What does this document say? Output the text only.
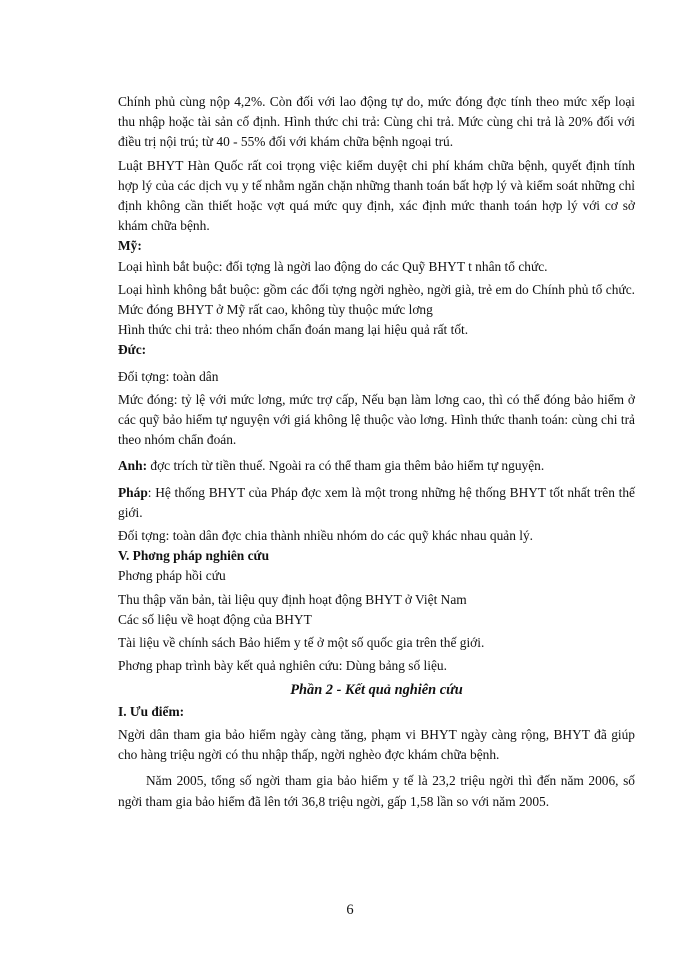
Chính phủ cùng nộp 4,2%. Còn đối với lao động tự do, mức đóng đợc tính theo mức xếp loại thu nhập hoặc tài sản cố định. Hình thức chi trả: Cùng chi trả. Mức cùng chi trả là 20% đối với điều trị nội trú; từ 40 - 55% đối với khám chữa bệnh ngoại trú.

Luật BHYT Hàn Quốc rất coi trọng việc kiểm duyệt chi phí khám chữa bệnh, quyết định tính hợp lý của các dịch vụ y tế nhằm ngăn chặn những thanh toán bất hợp lý và kiểm soát những chỉ định không cần thiết hoặc vợt quá mức quy định, xác định mức thanh toán hợp lý với cơ sở khám chữa bệnh.

Mỹ:

Loại hình bắt buộc: đối tợng là ngời lao động do các Quỹ BHYT t nhân tổ chức.

Loại hình không bắt buộc: gồm các đối tợng ngời nghèo, ngời già, trẻ em do Chính phủ tổ chức. Mức đóng BHYT ở Mỹ rất cao, không tùy thuộc mức lơng

Hình thức chi trả: theo nhóm chẩn đoán mang lại hiệu quả rất tốt.

Đức:

Đối tợng: toàn dân

Mức đóng: tỷ lệ với mức lơng, mức trợ cấp, Nếu bạn làm lơng cao, thì có thể đóng bảo hiểm ở các quỹ bảo hiểm tự nguyện với giá không lệ thuộc vào lơng. Hình thức thanh toán: cùng chi trả theo nhóm chẩn đoán.

Anh: đợc trích từ tiền thuế. Ngoài ra có thể tham gia thêm bảo hiểm tự nguyện.

Pháp: Hệ thống BHYT của Pháp đợc xem là một trong những hệ thống BHYT tốt nhất trên thế giới.

Đối tợng: toàn dân đợc chia thành nhiều nhóm do các quỹ khác nhau quản lý.

V. Phơng pháp nghiên cứu

Phơng pháp hồi cứu

Thu thập văn bản, tài liệu quy định hoạt động BHYT ở Việt Nam

Các số liệu về hoạt động của BHYT

Tài liệu về chính sách Bảo hiểm y tế ở một số quốc gia trên thế giới.

Phơng phap trình bày kết quả nghiên cứu: Dùng bảng số liệu.

Phần 2 - Kết quả nghiên cứu

I. Ưu điểm:

Ngời dân tham gia bảo hiểm ngày càng tăng, phạm vi BHYT ngày càng rộng, BHYT đã giúp cho hàng triệu ngời có thu nhập thấp, ngời nghèo đợc khám chữa bệnh.

Năm 2005, tổng số ngời tham gia bảo hiểm y tế là 23,2 triệu ngời thì đến năm 2006, số ngời tham gia bảo hiểm đã lên tới 36,8 triệu ngời, gấp 1,58 lần so với năm 2005.

6
